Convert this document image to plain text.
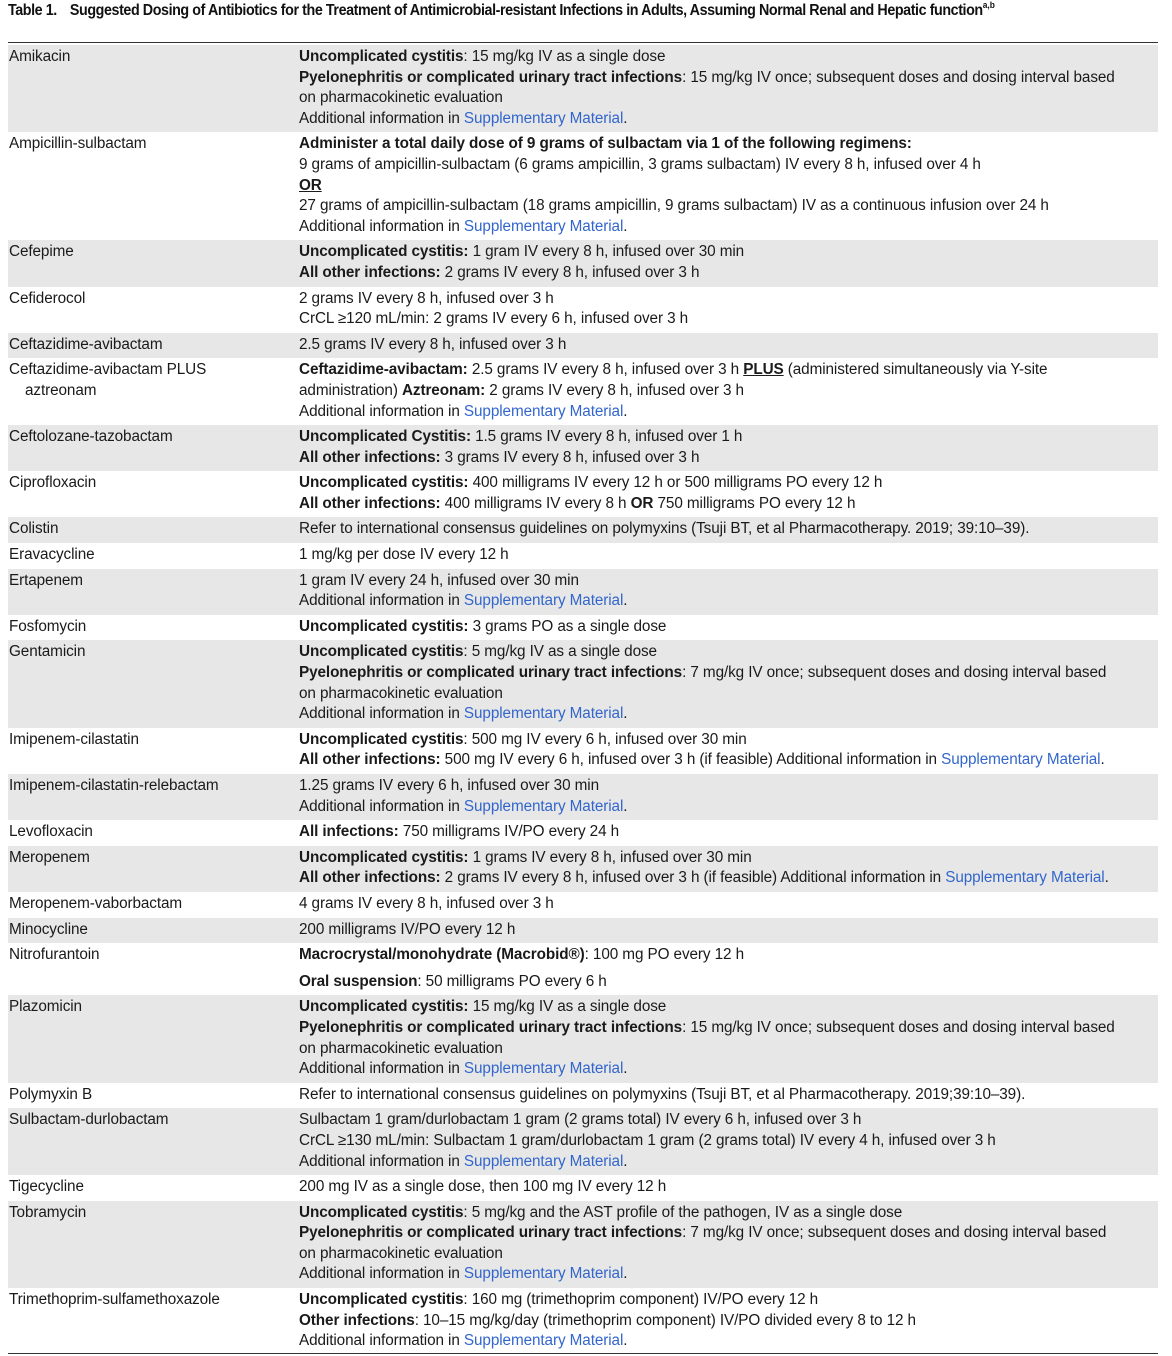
Table 1. Suggested Dosing of Antibiotics for the Treatment of Antimicrobial-resistant Infections in Adults, Assuming Normal Renal and Hepatic function$^{a,b}$
Amikacin	Uncomplicated cystitis: 15 mg/kg IV as a single dose
Pyelonephritis or complicated urinary tract infections: 15 mg/kg IV once; subsequent doses and dosing interval based
on pharmacokinetic evaluation
Additional information in Supplementary Material.

Ampicillin-sulbactam	Administer a total daily dose of 9 grams of sulbactam via 1 of the following regimens:
9 grams of ampicillin-sulbactam (6 grams ampicillin, 3 grams sulbactam) IV every 8 h, infused over 4 h
OR
27 grams of ampicillin-sulbactam (18 grams ampicillin, 9 grams sulbactam) IV as a continuous infusion over 24 h
Additional information in Supplementary Material.

Cefepime	Uncomplicated cystitis: 1 gram IV every 8 h, infused over 30 min
All other infections: 2 grams IV every 8 h, infused over 3 h

Cefiderocol	2 grams IV every 8 h, infused over 3 h
CrCL ≥120 mL/min: 2 grams IV every 6 h, infused over 3 h

Ceftazidime-avibactam	2.5 grams IV every 8 h, infused over 3 h

Ceftazidime-avibactam PLUS
aztreonam	Ceftazidime-avibactam: 2.5 grams IV every 8 h, infused over 3 h PLUS (administered simultaneously via Y-site
administration) Aztreonam: 2 grams IV every 8 h, infused over 3 h
Additional information in Supplementary Material.

Ceftolozane-tazobactam	Uncomplicated Cystitis: 1.5 grams IV every 8 h, infused over 1 h
All other infections: 3 grams IV every 8 h, infused over 3 h

Ciprofloxacin	Uncomplicated cystitis: 400 milligrams IV every 12 h or 500 milligrams PO every 12 h
All other infections: 400 milligrams IV every 8 h OR 750 milligrams PO every 12 h

Colistin	Refer to international consensus guidelines on polymyxins (Tsuji BT, et al Pharmacotherapy. 2019; 39:10–39).

Eravacycline	1 mg/kg per dose IV every 12 h

Ertapenem	1 gram IV every 24 h, infused over 30 min
Additional information in Supplementary Material.

Fosfomycin	Uncomplicated cystitis: 3 grams PO as a single dose

Gentamicin	Uncomplicated cystitis: 5 mg/kg IV as a single dose
Pyelonephritis or complicated urinary tract infections: 7 mg/kg IV once; subsequent doses and dosing interval based
on pharmacokinetic evaluation
Additional information in Supplementary Material.

Imipenem-cilastatin	Uncomplicated cystitis: 500 mg IV every 6 h, infused over 30 min
All other infections: 500 mg IV every 6 h, infused over 3 h (if feasible) Additional information in Supplementary Material.

Imipenem-cilastatin-relebactam	1.25 grams IV every 6 h, infused over 30 min
Additional information in Supplementary Material.

Levofloxacin	All infections: 750 milligrams IV/PO every 24 h

Meropenem	Uncomplicated cystitis: 1 grams IV every 8 h, infused over 30 min
All other infections: 2 grams IV every 8 h, infused over 3 h (if feasible) Additional information in Supplementary Material.

Meropenem-vaborbactam	4 grams IV every 8 h, infused over 3 h

Minocycline	200 milligrams IV/PO every 12 h

Nitrofurantoin	Macrocrystal/monohydrate (Macrobid®): 100 mg PO every 12 h
Oral suspension: 50 milligrams PO every 6 h

Plazomicin	Uncomplicated cystitis: 15 mg/kg IV as a single dose
Pyelonephritis or complicated urinary tract infections: 15 mg/kg IV once; subsequent doses and dosing interval based
on pharmacokinetic evaluation
Additional information in Supplementary Material.

Polymyxin B	Refer to international consensus guidelines on polymyxins (Tsuji BT, et al Pharmacotherapy. 2019;39:10–39).

Sulbactam-durlobactam	Sulbactam 1 gram/durlobactam 1 gram (2 grams total) IV every 6 h, infused over 3 h
CrCL ≥130 mL/min: Sulbactam 1 gram/durlobactam 1 gram (2 grams total) IV every 4 h, infused over 3 h
Additional information in Supplementary Material.

Tigecycline	200 mg IV as a single dose, then 100 mg IV every 12 h

Tobramycin	Uncomplicated cystitis: 5 mg/kg and the AST profile of the pathogen, IV as a single dose
Pyelonephritis or complicated urinary tract infections: 7 mg/kg IV once; subsequent doses and dosing interval based
on pharmacokinetic evaluation
Additional information in Supplementary Material.

Trimethoprim-sulfamethoxazole	Uncomplicated cystitis: 160 mg (trimethoprim component) IV/PO every 12 h
Other infections: 10–15 mg/kg/day (trimethoprim component) IV/PO divided every 8 to 12 h
Additional information in Supplementary Material.
